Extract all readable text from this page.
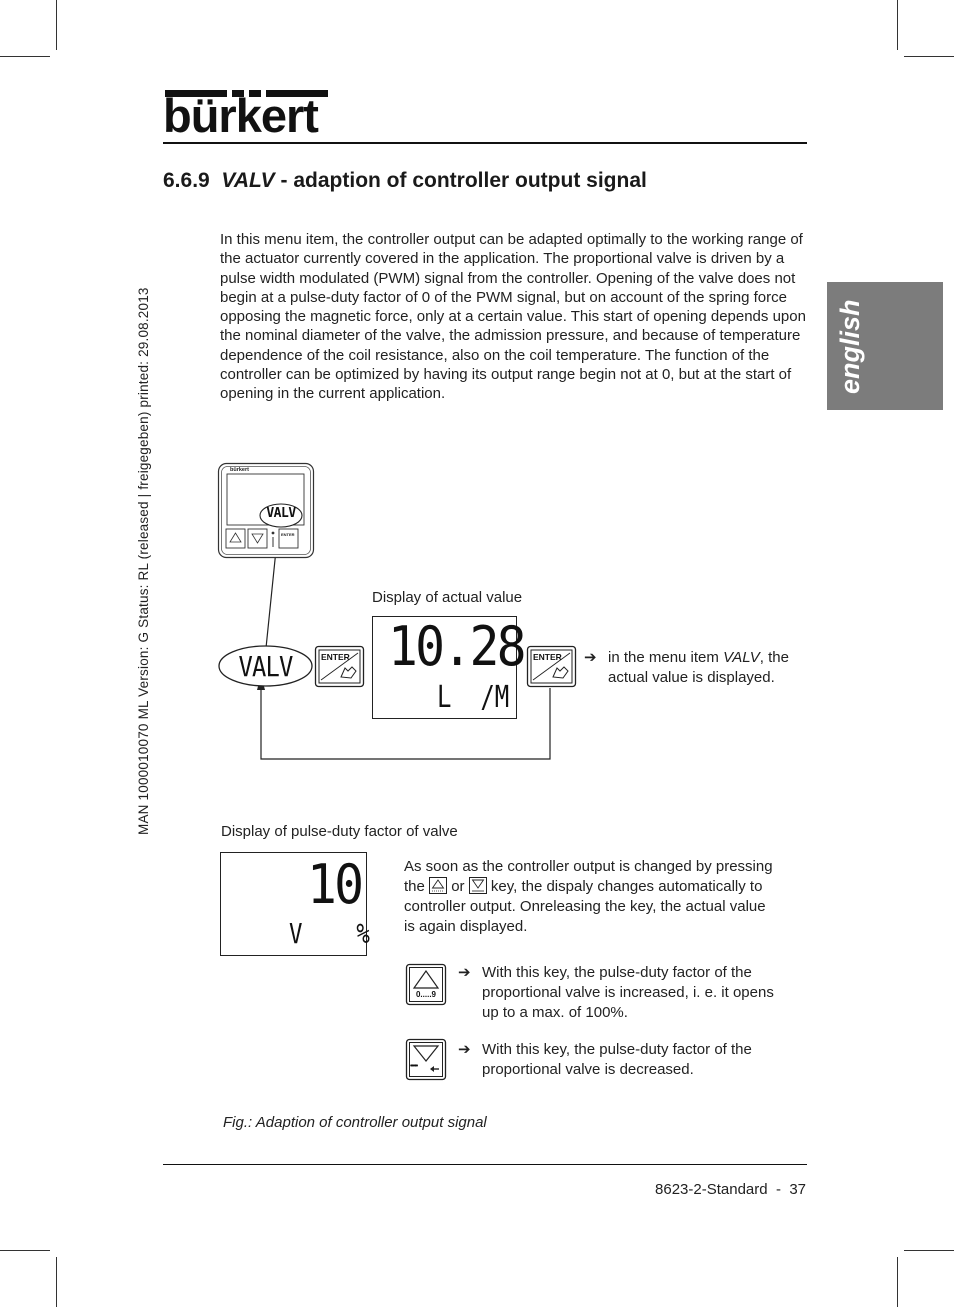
bürkert
6.6.9 VALV - adaption of controller output signal
MAN 1000010070 ML Version: G Status: RL (released | freigegeben) printed: 29.08.2013	english

In this menu item, the controller output can be adapted optimally to the working range of the actuator currently covered in the application. The proportional valve is driven by a pulse width modulated (PWM) signal from the controller. Opening of the valve does not begin at a pulse-duty factor of 0 of the PWM signal, but on account of the spring force opposing the magnetic force, only at a certain value. This start of opening depends upon the nominal diameter of the valve, the admission pressure, and because of temperature dependence of the coil resistance, also on the coil temperature. The function of the controller can be optimized by having its output range begin not at 0, but at the start of opening in the current application.

bürkert
ENTER
VALV
VALV	ENTER
Display of actual value
10.28
L  /M
ENTER ➔ in the menu item VALV, the
actual value is displayed.
Display of pulse-duty factor of valve
10
V    %

As soon as the controller output is changed by pressing

the  or  key, the dispaly changes automatically to

controller output. Onreleasing the key, the actual value

is again displayed.

0.....9
➔ With this key, the pulse-duty factor of the
proportional valve is increased, i. e. it opens
up to a max. of 100%.
•••••
➔ With this key, the pulse-duty factor of the
proportional valve is decreased.
Fig.: Adaption of controller output signal
8623-2-Standard - 37
